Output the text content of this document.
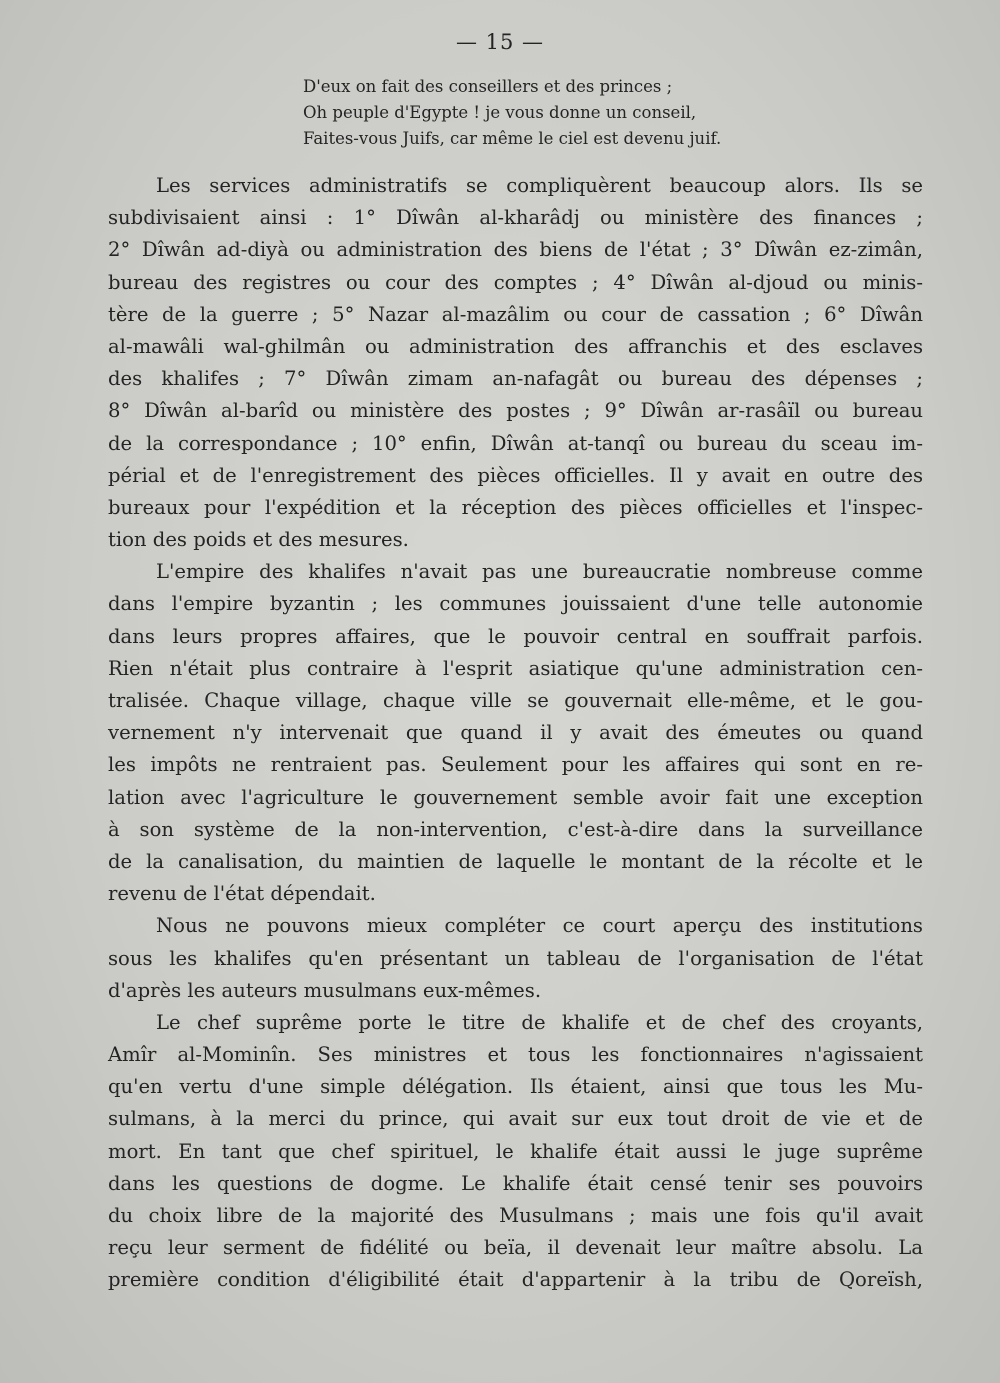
— 15 —
D'eux on fait des conseillers et des princes ;
Oh peuple d'Egypte ! je vous donne un conseil,
Faites-vous Juifs, car même le ciel est devenu juif.
Les services administratifs se compliquèrent beaucoup alors. Ils se
subdivisaient ainsi : 1° Dîwân al-kharâdj ou ministère des finances ;
2° Dîwân ad-diyà ou administration des biens de l'état ; 3° Dîwân ez-zimân,
bureau des registres ou cour des comptes ; 4° Dîwân al-djoud ou minis-
tère de la guerre ; 5° Nazar al-mazâlim ou cour de cassation ; 6° Dîwân
al-mawâli wal-ghilmân ou administration des affranchis et des esclaves
des khalifes ; 7° Dîwân zimam an-nafagât ou bureau des dépenses ;
8° Dîwân al-barîd ou ministère des postes ; 9° Dîwân ar-rasâïl ou bureau
de la correspondance ; 10° enfin, Dîwân at-tanqî ou bureau du sceau im-
périal et de l'enregistrement des pièces officielles. Il y avait en outre des
bureaux pour l'expédition et la réception des pièces officielles et l'inspec-
tion des poids et des mesures.
L'empire des khalifes n'avait pas une bureaucratie nombreuse comme
dans l'empire byzantin ; les communes jouissaient d'une telle autonomie
dans leurs propres affaires, que le pouvoir central en souffrait parfois.
Rien n'était plus contraire à l'esprit asiatique qu'une administration cen-
tralisée. Chaque village, chaque ville se gouvernait elle-même, et le gou-
vernement n'y intervenait que quand il y avait des émeutes ou quand
les impôts ne rentraient pas. Seulement pour les affaires qui sont en re-
lation avec l'agriculture le gouvernement semble avoir fait une exception
à son système de la non-intervention, c'est-à-dire dans la surveillance
de la canalisation, du maintien de laquelle le montant de la récolte et le
revenu de l'état dépendait.
Nous ne pouvons mieux compléter ce court aperçu des institutions
sous les khalifes qu'en présentant un tableau de l'organisation de l'état
d'après les auteurs musulmans eux-mêmes.
Le chef suprême porte le titre de khalife et de chef des croyants,
Amîr al-Mominîn. Ses ministres et tous les fonctionnaires n'agissaient
qu'en vertu d'une simple délégation. Ils étaient, ainsi que tous les Mu-
sulmans, à la merci du prince, qui avait sur eux tout droit de vie et de
mort. En tant que chef spirituel, le khalife était aussi le juge suprême
dans les questions de dogme. Le khalife était censé tenir ses pouvoirs
du choix libre de la majorité des Musulmans ; mais une fois qu'il avait
reçu leur serment de fidélité ou beïa, il devenait leur maître absolu. La
première condition d'éligibilité était d'appartenir à la tribu de Qoreïsh,
